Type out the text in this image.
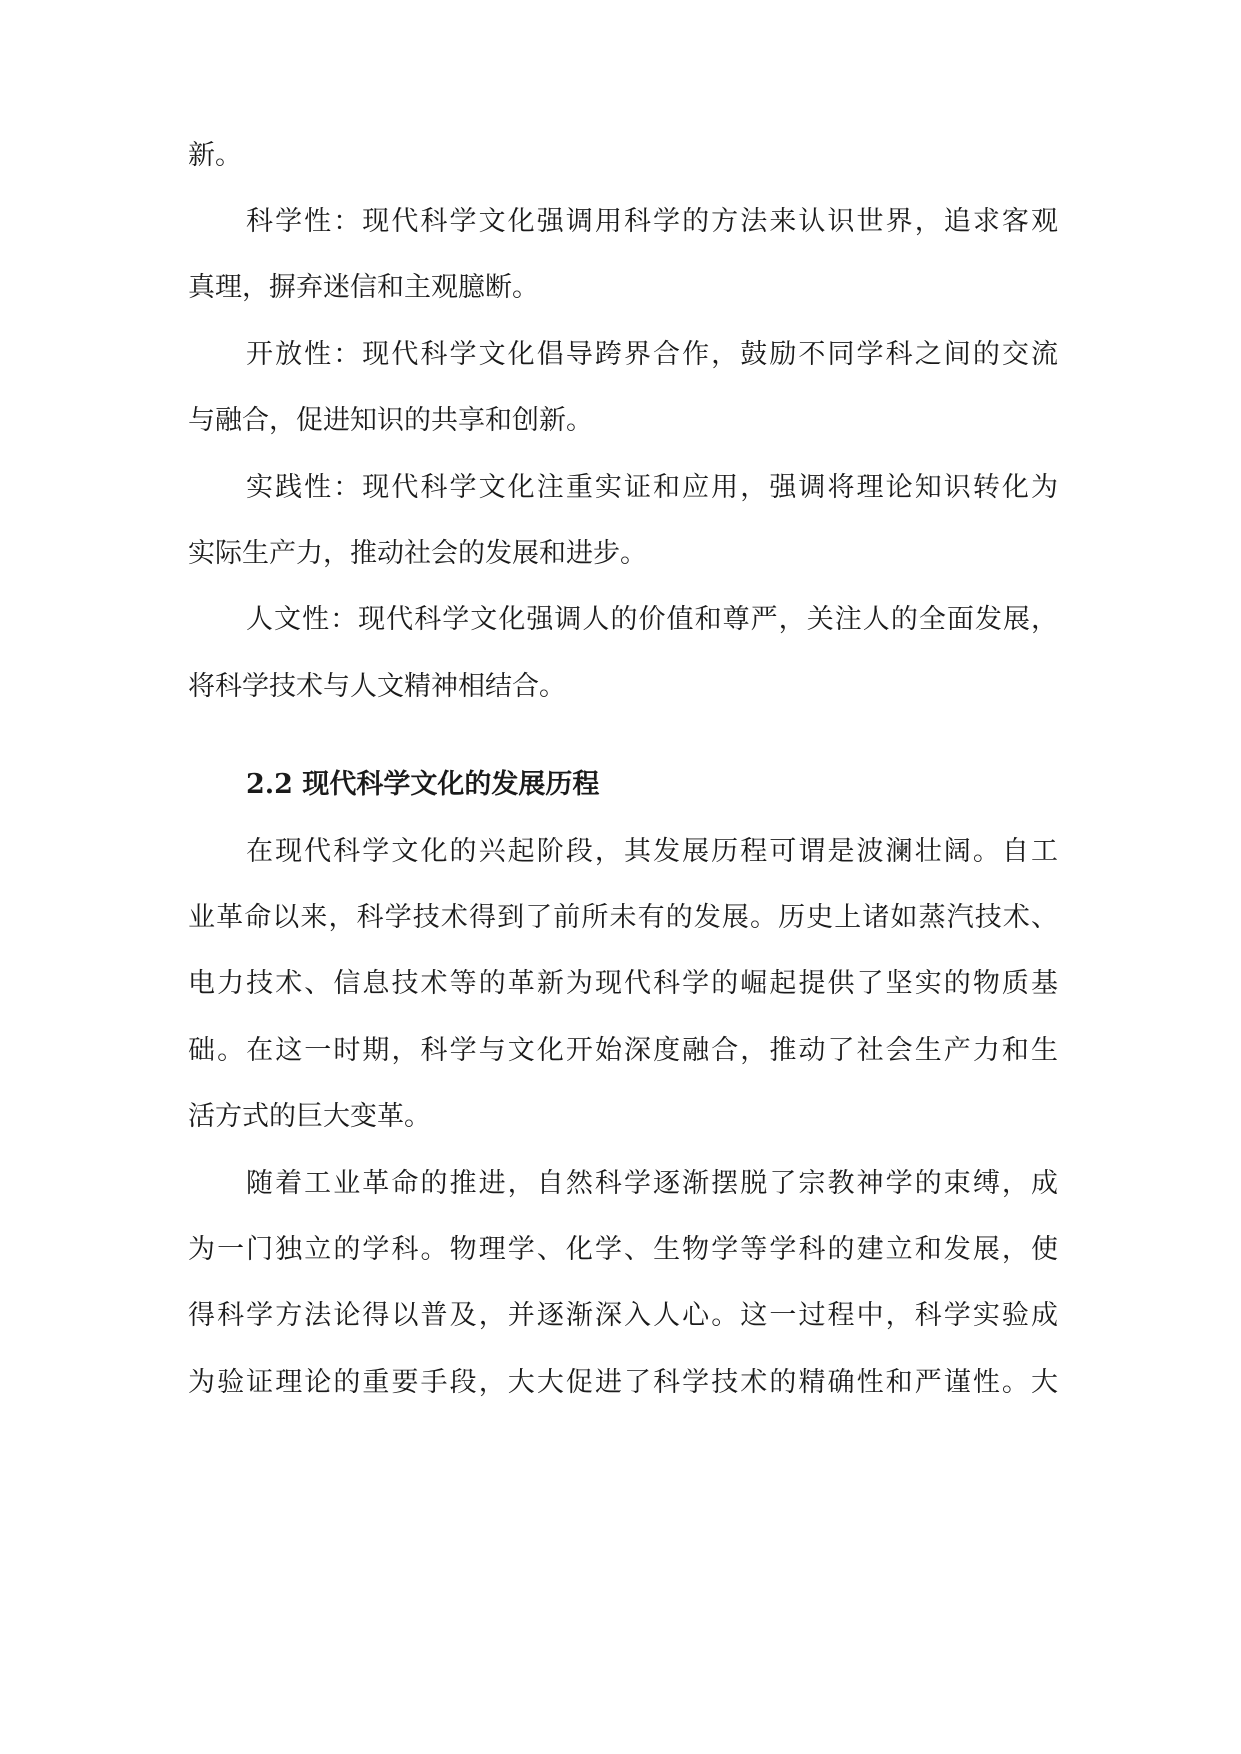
新。
科学性：现代科学文化强调用科学的方法来认识世界，追求客观
真理，摒弃迷信和主观臆断。
开放性：现代科学文化倡导跨界合作，鼓励不同学科之间的交流
与融合，促进知识的共享和创新。
实践性：现代科学文化注重实证和应用，强调将理论知识转化为
实际生产力，推动社会的发展和进步。
人文性：现代科学文化强调人的价值和尊严，关注人的全面发展，
将科学技术与人文精神相结合。
2.2 现代科学文化的发展历程
在现代科学文化的兴起阶段，其发展历程可谓是波澜壮阔。自工
业革命以来，科学技术得到了前所未有的发展。历史上诸如蒸汽技术、
电力技术、信息技术等的革新为现代科学的崛起提供了坚实的物质基
础。在这一时期，科学与文化开始深度融合，推动了社会生产力和生
活方式的巨大变革。
随着工业革命的推进，自然科学逐渐摆脱了宗教神学的束缚，成
为一门独立的学科。物理学、化学、生物学等学科的建立和发展，使
得科学方法论得以普及，并逐渐深入人心。这一过程中，科学实验成
为验证理论的重要手段，大大促进了科学技术的精确性和严谨性。大
